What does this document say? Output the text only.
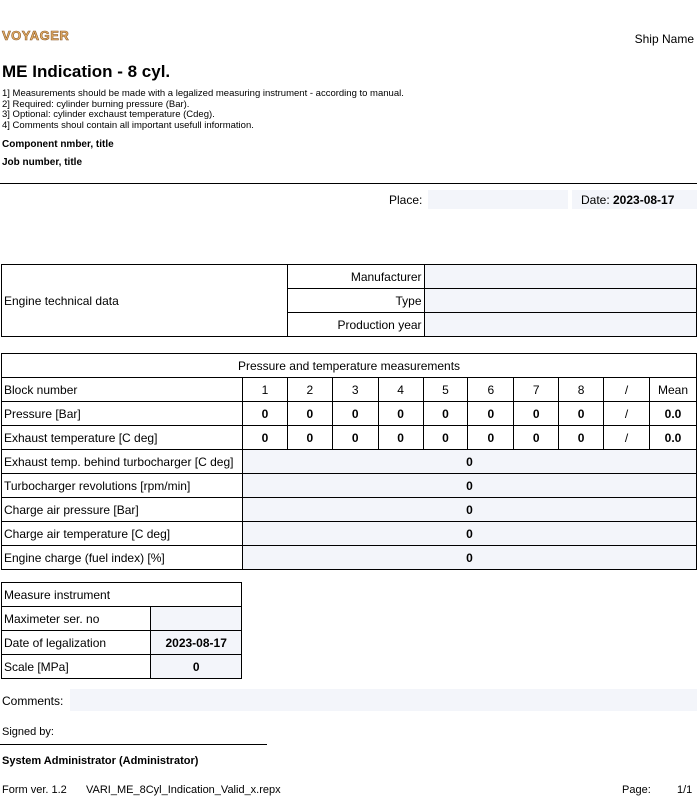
VOYAGER	Ship Name
ME Indication - 8 cyl.
1] Measurements should be made with a legalized measuring instrument - according to manual.
2] Required: cylinder burning pressure (Bar).
3] Optional: cylinder exchaust temperature (Cdeg).
4] Comments shoul contain all important usefull information.
Component nmber, title
Job number, title
Place:	Date: 2023-08-17
Engine technical data	Manufacturer	
	Type	
	Production year	
Pressure and temperature measurements										
Block number	1	2	3	4	5	6	7	8	/	Mean
Pressure [Bar]	0	0	0	0	0	0	0	0	/	0.0
Exhaust temperature [C deg]	0	0	0	0	0	0	0	0	/	0.0
Exhaust temp. behind turbocharger [C deg]	0									
Turbocharger revolutions [rpm/min]	0									
Charge air pressure [Bar]	0									
Charge air temperature [C deg]	0									
Engine charge (fuel index) [%]	0									
Measure instrument	
Maximeter ser. no	
Date of legalization	2023-08-17
Scale [MPa]	0
Comments:
Signed by:
System Administrator (Administrator)
Form ver. 1.2 VARI_ME_8Cyl_Indication_Valid_x.repx	Page: 1/1
